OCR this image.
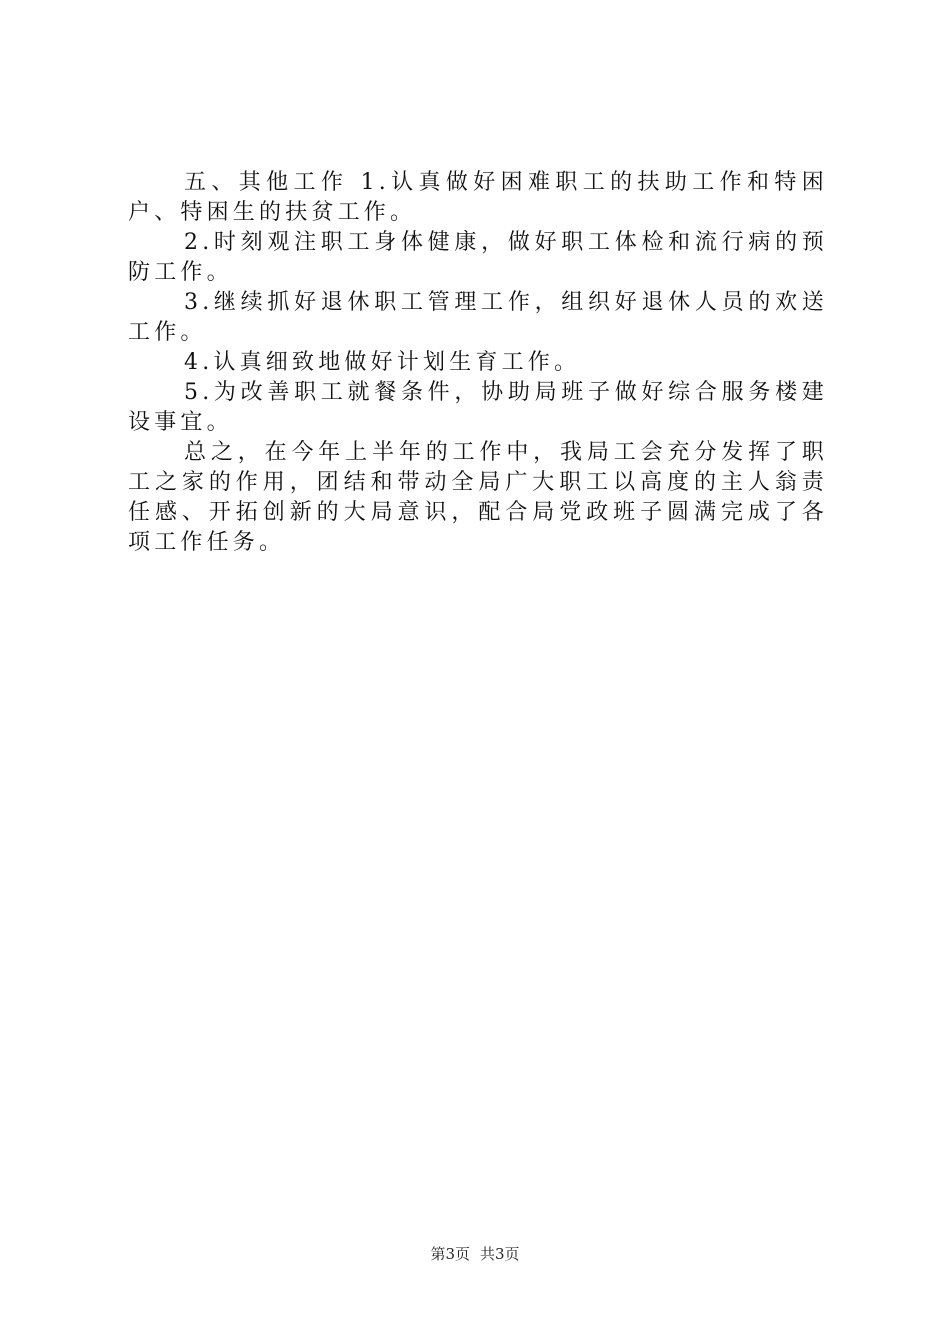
五、其他工作 1.认真做好困难职工的扶助工作和特困户、特困生的扶贫工作。

2.时刻观注职工身体健康，做好职工体检和流行病的预防工作。

3.继续抓好退休职工管理工作，组织好退休人员的欢送工作。

4.认真细致地做好计划生育工作。

5.为改善职工就餐条件，协助局班子做好综合服务楼建设事宜。

总之，在今年上半年的工作中，我局工会充分发挥了职工之家的作用，团结和带动全局广大职工以高度的主人翁责任感、开拓创新的大局意识，配合局党政班子圆满完成了各项工作任务。

第3页 共3页
